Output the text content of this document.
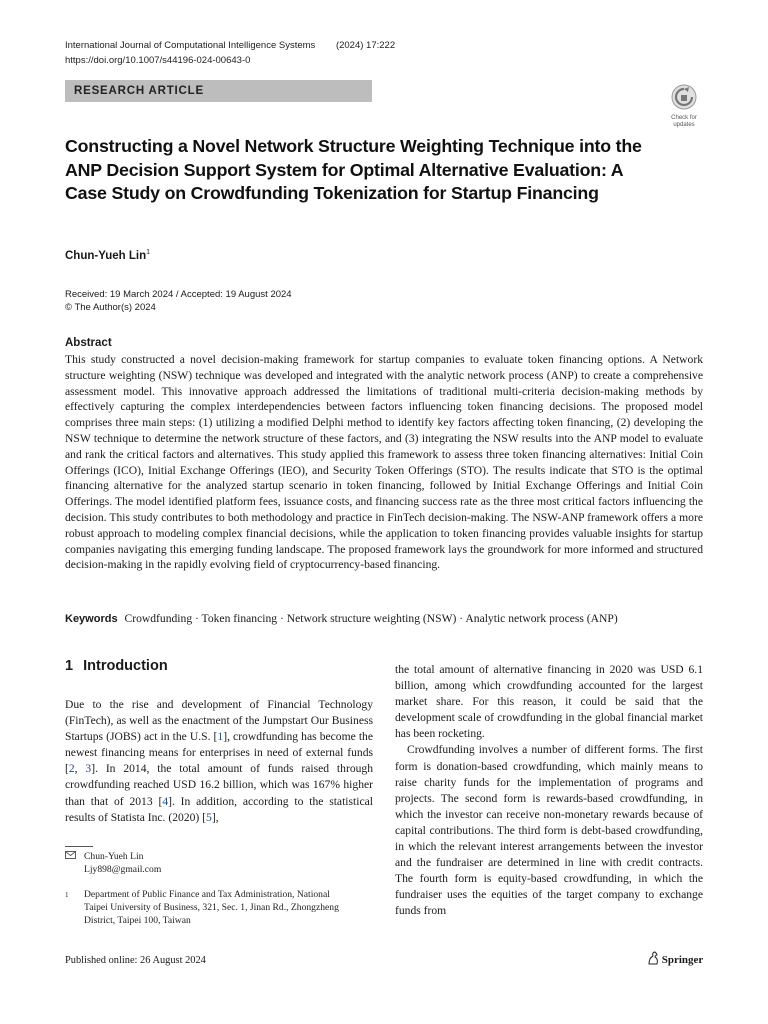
International Journal of Computational Intelligence Systems (2024) 17:222
https://doi.org/10.1007/s44196-024-00643-0
RESEARCH ARTICLE
Check for updates
Constructing a Novel Network Structure Weighting Technique into the ANP Decision Support System for Optimal Alternative Evaluation: A Case Study on Crowdfunding Tokenization for Startup Financing
Chun-Yueh Lin$^1$
Received: 19 March 2024 / Accepted: 19 August 2024
© The Author(s) 2024
Abstract
This study constructed a novel decision-making framework for startup companies to evaluate token financing options. A Network structure weighting (NSW) technique was developed and integrated with the analytic network process (ANP) to create a comprehensive assessment model. This innovative approach addressed the limitations of traditional multi-criteria decision-making methods by effectively capturing the complex interdependencies between factors influencing token financing decisions. The proposed model comprises three main steps: (1) utilizing a modified Delphi method to identify key factors affecting token financing, (2) developing the NSW technique to determine the network structure of these factors, and (3) integrating the NSW results into the ANP model to evaluate and rank the critical factors and alternatives. This study applied this framework to assess three token financing alternatives: Initial Coin Offerings (ICO), Initial Exchange Offerings (IEO), and Security Token Offerings (STO). The results indicate that STO is the optimal financing alternative for the analyzed startup scenario in token financing, followed by Initial Exchange Offerings and Initial Coin Offerings. The model identified platform fees, issuance costs, and financing success rate as the three most critical factors influencing the decision. This study contributes to both methodology and practice in FinTech decision-making. The NSW-ANP framework offers a more robust approach to modeling complex financial decisions, while the application to token financing provides valuable insights for startup companies navigating this emerging funding landscape. The proposed framework lays the groundwork for more informed and structured decision-making in the rapidly evolving field of cryptocurrency-based financing.
Keywords Crowdfunding · Token financing · Network structure weighting (NSW) · Analytic network process (ANP)
1 Introduction

Due to the rise and development of Financial Technology (FinTech), as well as the enactment of the Jumpstart Our Business Startups (JOBS) act in the U.S. [1], crowdfunding has become the newest financing means for enterprises in need of external funds [2, 3]. In 2014, the total amount of funds raised through crowdfunding reached USD 16.2 billion, which was 167% higher than that of 2013 [4]. In addition, according to the statistical results of Statista Inc. (2020) [5],

the total amount of alternative financing in 2020 was USD 6.1 billion, among which crowdfunding accounted for the largest market share. For this reason, it could be said that the development scale of crowdfunding in the global financial market has been rocketing.

Crowdfunding involves a number of different forms. The first form is donation-based crowdfunding, which mainly means to raise charity funds for the implementation of programs and projects. The second form is rewards-based crowdfunding, in which the investor can receive non-monetary rewards because of capital contributions. The third form is debt-based crowdfunding, in which the relevant interest arrangements between the investor and the fundraiser are determined in line with credit contracts. The fourth form is equity-based crowdfunding, in which the fundraiser uses the equities of the target company to exchange funds from

Chun-Yueh Lin
Ljy898@gmail.com
1 Department of Public Finance and Tax Administration, National Taipei University of Business, 321, Sec. 1, Jinan Rd., Zhongzheng District, Taipei 100, Taiwan
Published online: 26 August 2024	Springer
